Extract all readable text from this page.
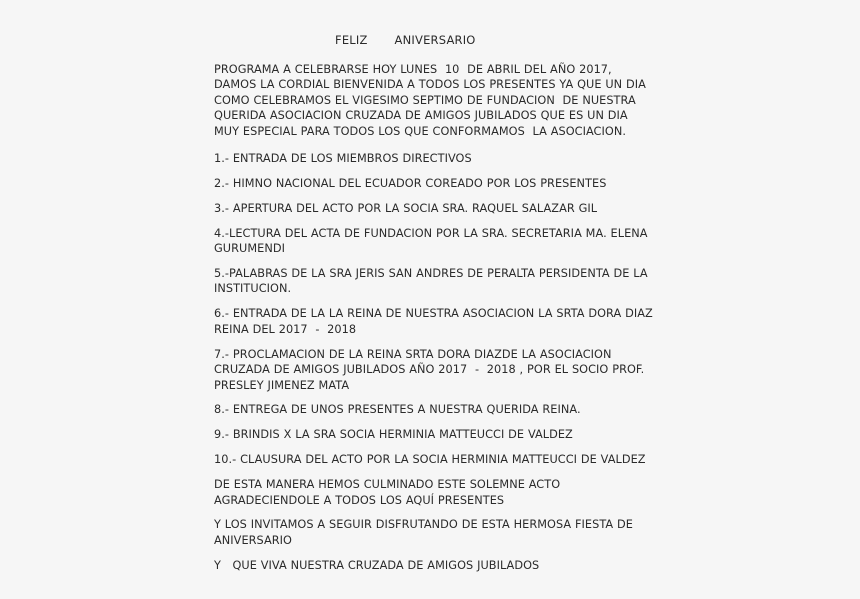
FELIZ       ANIVERSARIO

PROGRAMA A CELEBRARSE HOY LUNES  10  DE ABRIL DEL AÑO 2017, DAMOS LA CORDIAL BIENVENIDA A TODOS LOS PRESENTES YA QUE UN DIA COMO CELEBRAMOS EL VIGESIMO SEPTIMO DE FUNDACION  DE NUESTRA QUERIDA ASOCIACION CRUZADA DE AMIGOS JUBILADOS QUE ES UN DIA MUY ESPECIAL PARA TODOS LOS QUE CONFORMAMOS  LA ASOCIACION.

1.- ENTRADA DE LOS MIEMBROS DIRECTIVOS

2.- HIMNO NACIONAL DEL ECUADOR COREADO POR LOS PRESENTES

3.- APERTURA DEL ACTO POR LA SOCIA SRA. RAQUEL SALAZAR GIL

4.-LECTURA DEL ACTA DE FUNDACION POR LA SRA. SECRETARIA MA. ELENA GURUMENDI

5.-PALABRAS DE LA SRA JERIS SAN ANDRES DE PERALTA PERSIDENTA DE LA INSTITUCION.

6.- ENTRADA DE LA LA REINA DE NUESTRA ASOCIACION LA SRTA DORA DIAZ REINA DEL 2017  -  2018

7.- PROCLAMACION DE LA REINA SRTA DORA DIAZDE LA ASOCIACION CRUZADA DE AMIGOS JUBILADOS AÑO 2017  -  2018 , POR EL SOCIO PROF. PRESLEY JIMENEZ MATA

8.- ENTREGA DE UNOS PRESENTES A NUESTRA QUERIDA REINA.

9.- BRINDIS X LA SRA SOCIA HERMINIA MATTEUCCI DE VALDEZ

10.- CLAUSURA DEL ACTO POR LA SOCIA HERMINIA MATTEUCCI DE VALDEZ

DE ESTA MANERA HEMOS CULMINADO ESTE SOLEMNE ACTO AGRADECIENDOLE A TODOS LOS AQUÍ PRESENTES

Y LOS INVITAMOS A SEGUIR DISFRUTANDO DE ESTA HERMOSA FIESTA DE ANIVERSARIO

Y   QUE VIVA NUESTRA CRUZADA DE AMIGOS JUBILADOS
